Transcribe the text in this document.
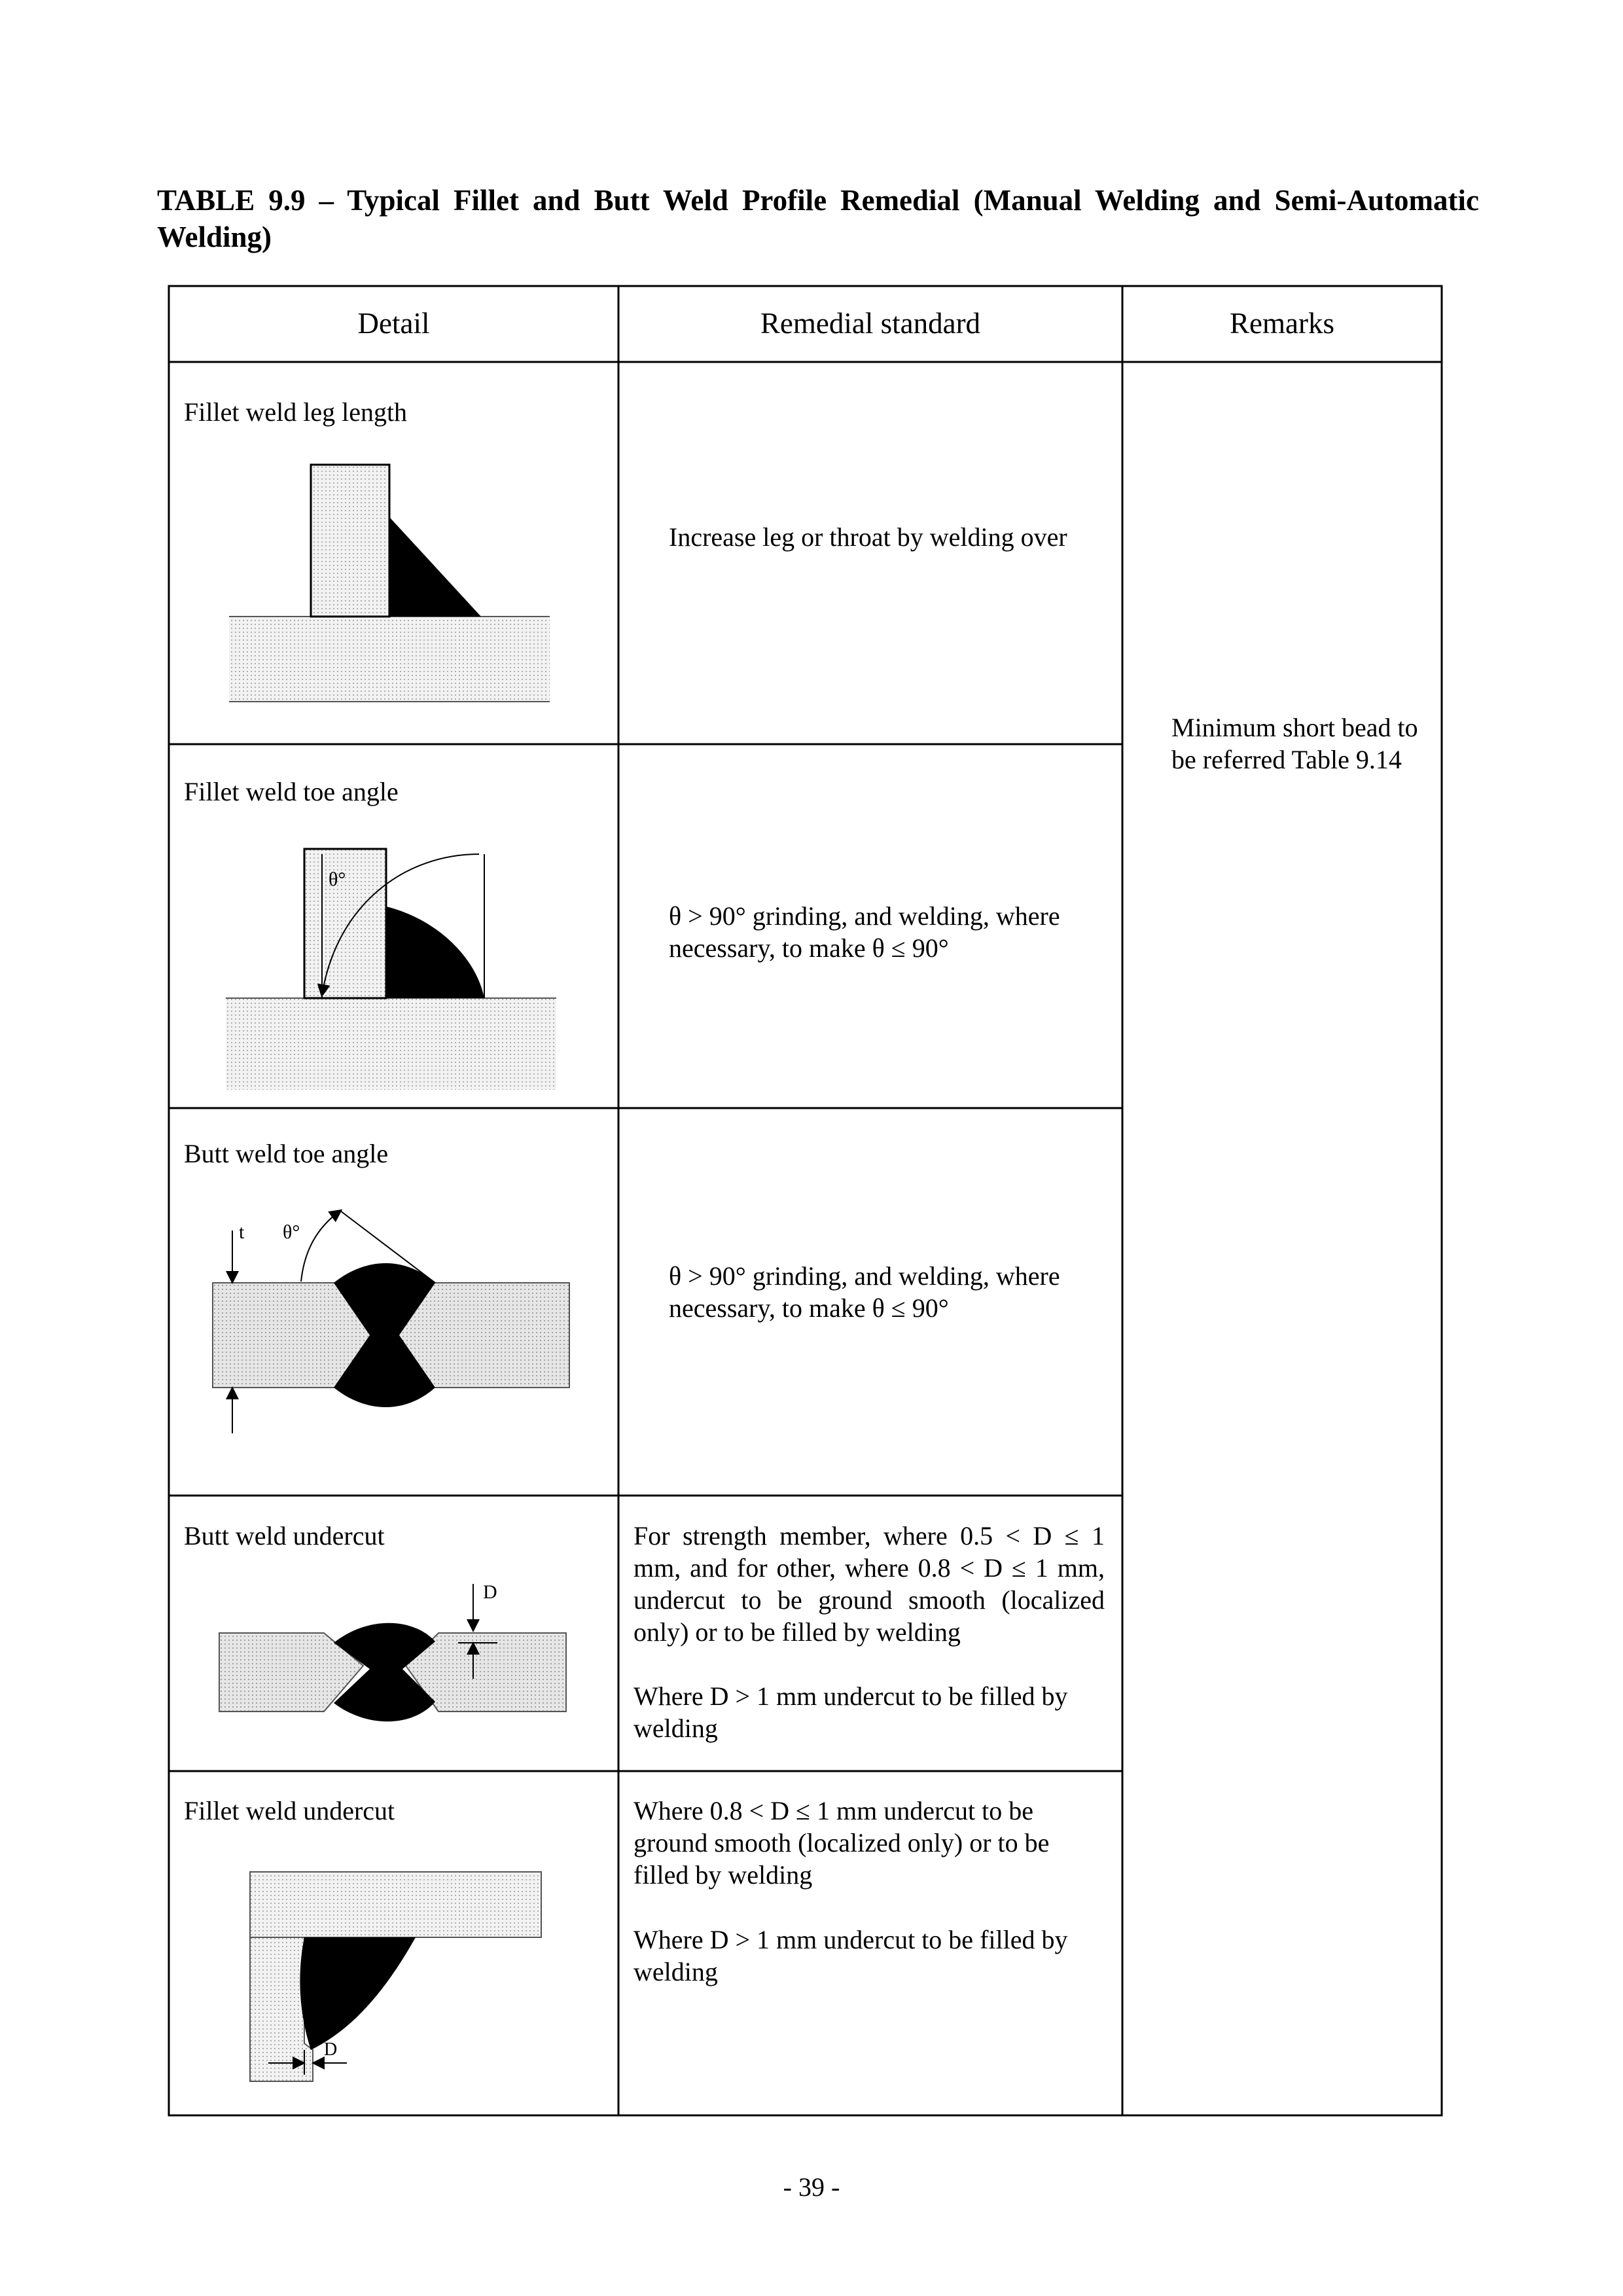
TABLE 9.9 – Typical Fillet and Butt Weld Profile Remedial (Manual Welding and Semi-Automatic Welding)
Detail	Remedial standard	Remarks
Fillet weld leg length
Increase leg or throat by welding over
Fillet weld toe angle
θ°
θ > 90° grinding, and welding, where necessary, to make θ ≤ 90°
Butt weld toe angle
t θ°
θ > 90° grinding, and welding, where necessary, to make θ ≤ 90°
Butt weld undercut
D
For strength member, where 0.5 < D ≤ 1 mm, and for other, where 0.8 < D ≤ 1 mm, undercut to be ground smooth (localized only) or to be filled by welding
Where D > 1 mm undercut to be filled by welding
Fillet weld undercut
D
Where 0.8 < D ≤ 1 mm undercut to be ground smooth (localized only) or to be filled by welding
Where D > 1 mm undercut to be filled by welding
Minimum short bead to be referred Table 9.14
- 39 -
